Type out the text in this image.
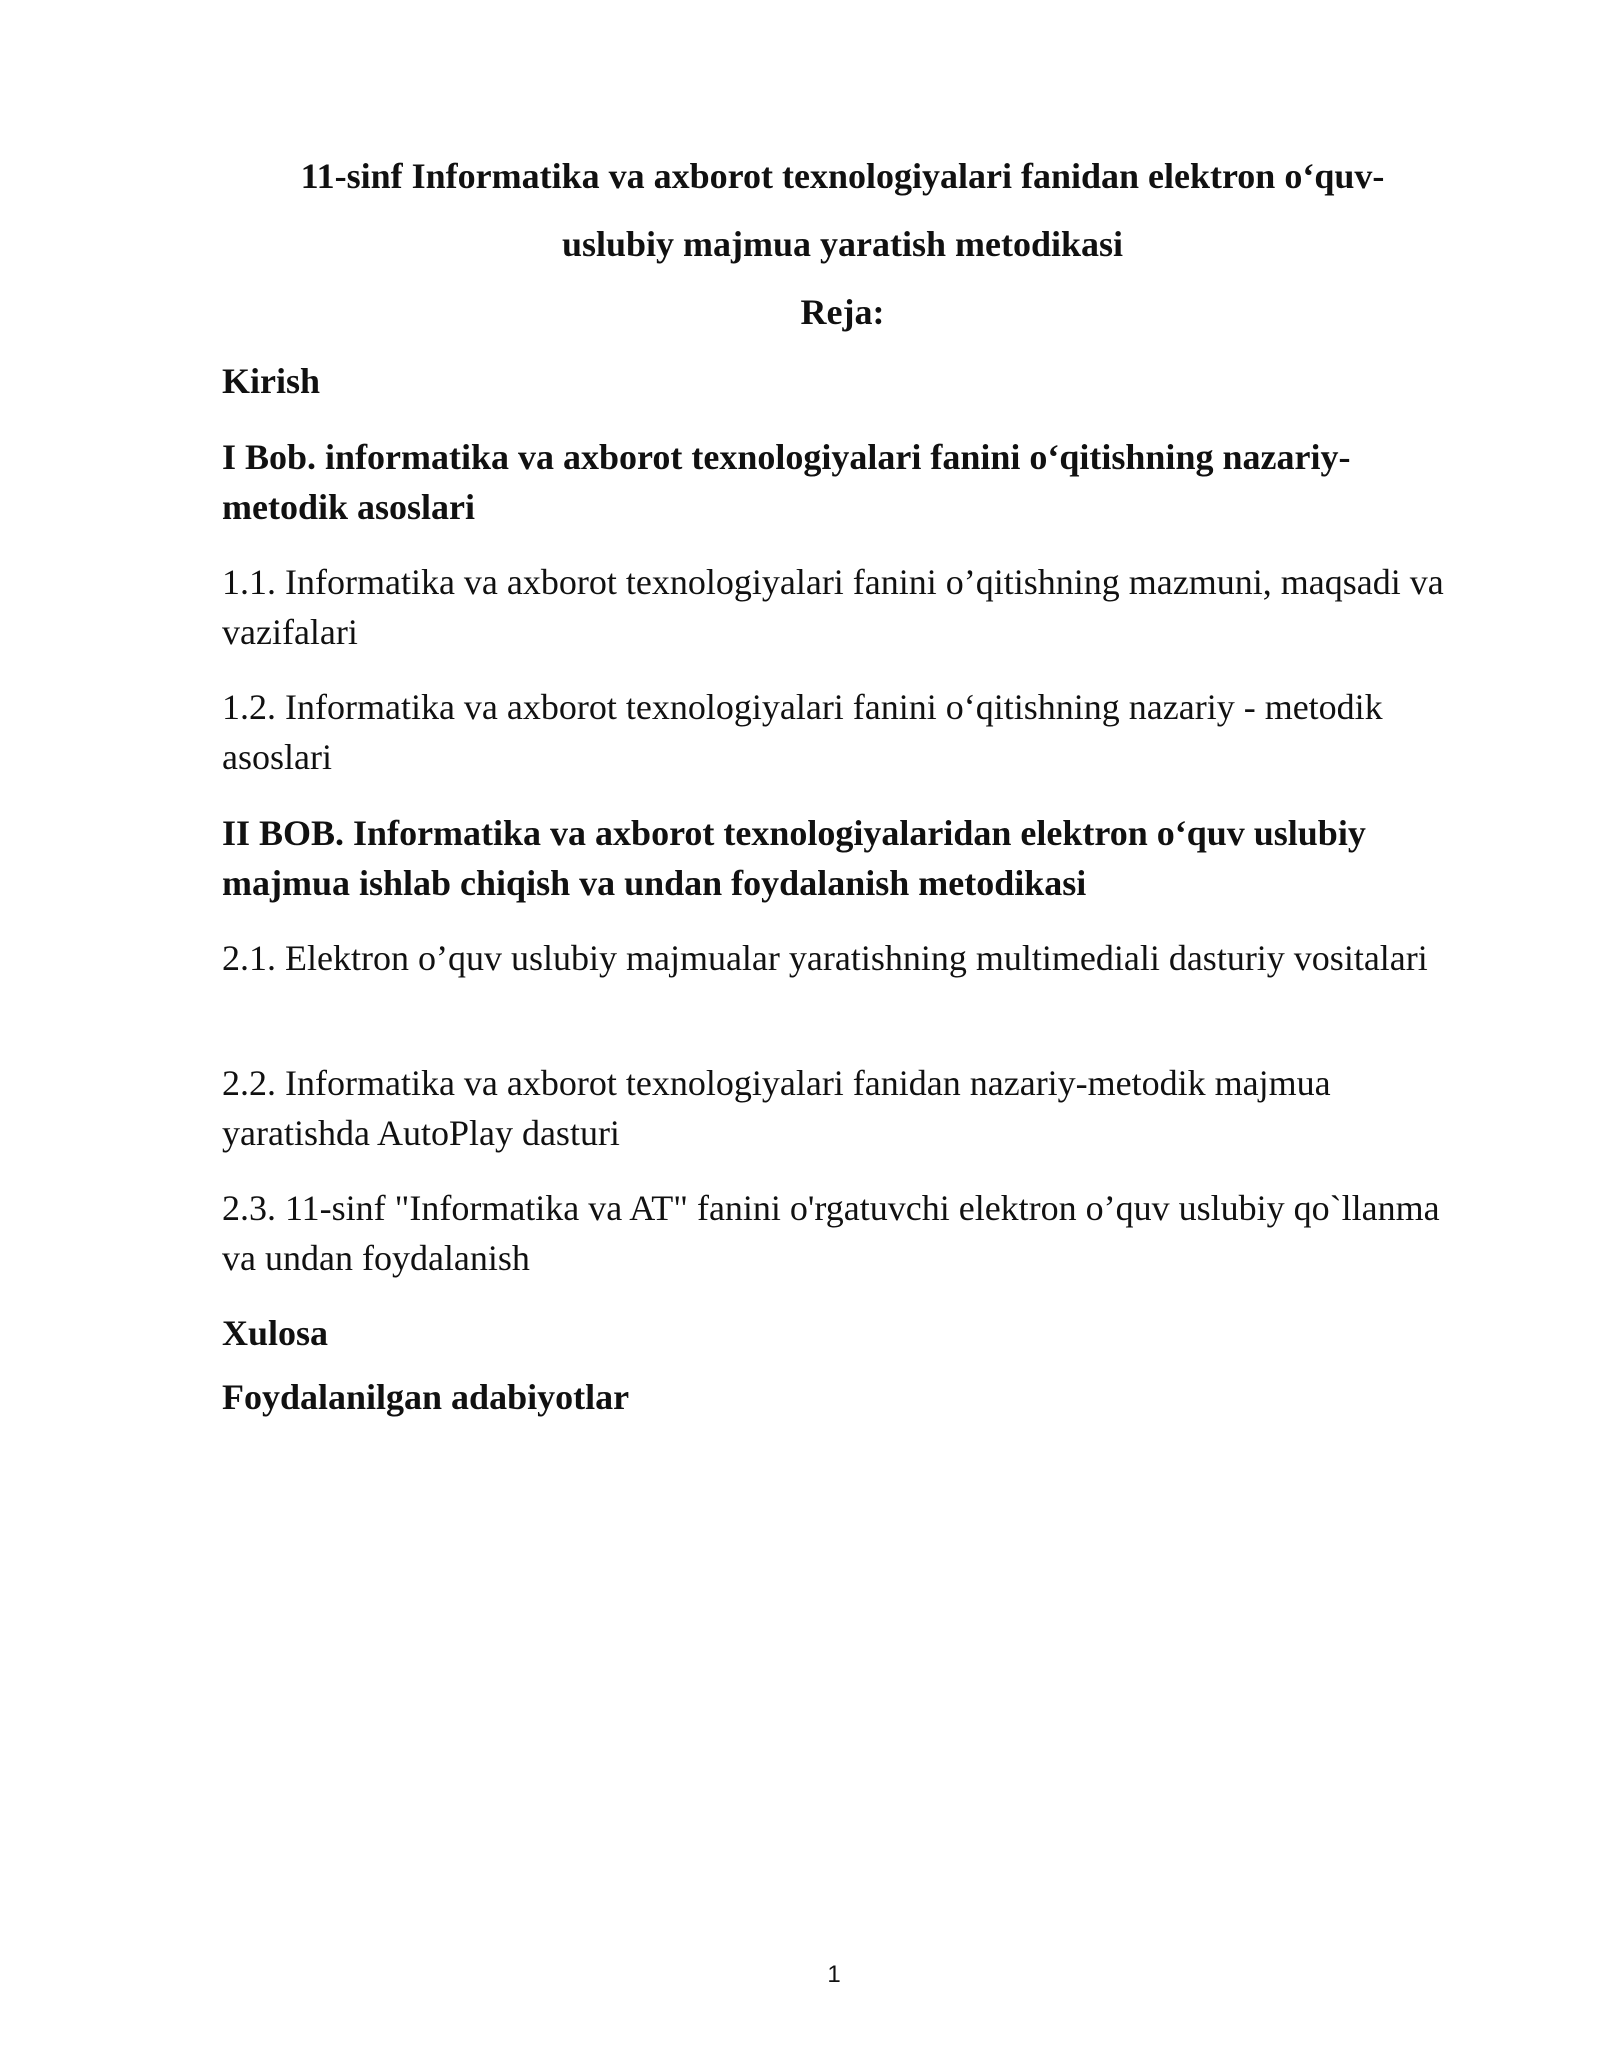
11-sinf Informatika va axborot texnologiyalari fanidan elektron o‘quv-

uslubiy majmua yaratish metodikasi

Reja:

Kirish

I Bob. informatika va axborot texnologiyalari fanini o‘qitishning nazariy-metodik asoslari

1.1. Informatika va axborot texnologiyalari fanini o’qitishning mazmuni, maqsadi va vazifalari

1.2. Informatika va axborot texnologiyalari fanini o‘qitishning nazariy - metodik asoslari

II BOB. Informatika va axborot texnologiyalaridan elektron o‘quv uslubiy majmua ishlab chiqish va undan foydalanish metodikasi

2.1. Elektron o’quv uslubiy majmualar yaratishning multimediali dasturiy vositalari

2.2. Informatika va axborot texnologiyalari fanidan nazariy-metodik majmua yaratishda AutoPlay dasturi

2.3. 11-sinf "Informatika va AT" fanini o'rgatuvchi elektron o’quv uslubiy qo`llanma va undan foydalanish

Xulosa

Foydalanilgan adabiyotlar

1
